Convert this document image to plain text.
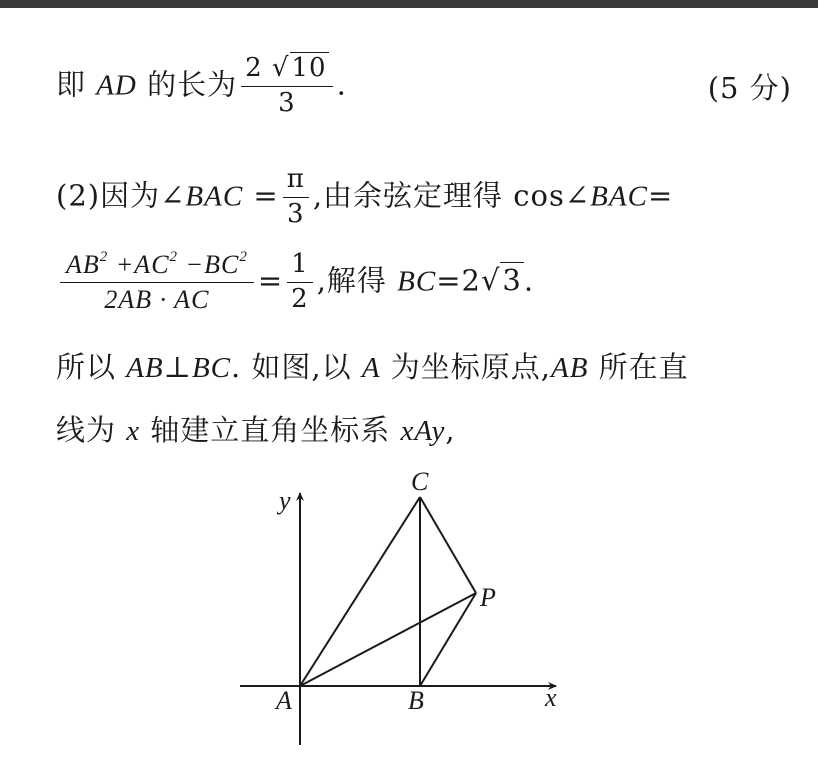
即 AD 的长为 $\frac{2 √10}{3}$ .	(5 分)
(2)因为∠BAC = $\frac{\pi}{3}$ ,由余弦定理得 cos∠BAC=
$\frac{AB^2 +AC^2 -BC^2}{2AB \cdot AC} = \frac{1}{2}$ ,解得 BC=2√3.
所以 AB⊥BC. 如图,以 A 为坐标原点,AB 所在直
线为 x 轴建立直角坐标系 xAy,
y
x
A	B
C
P
